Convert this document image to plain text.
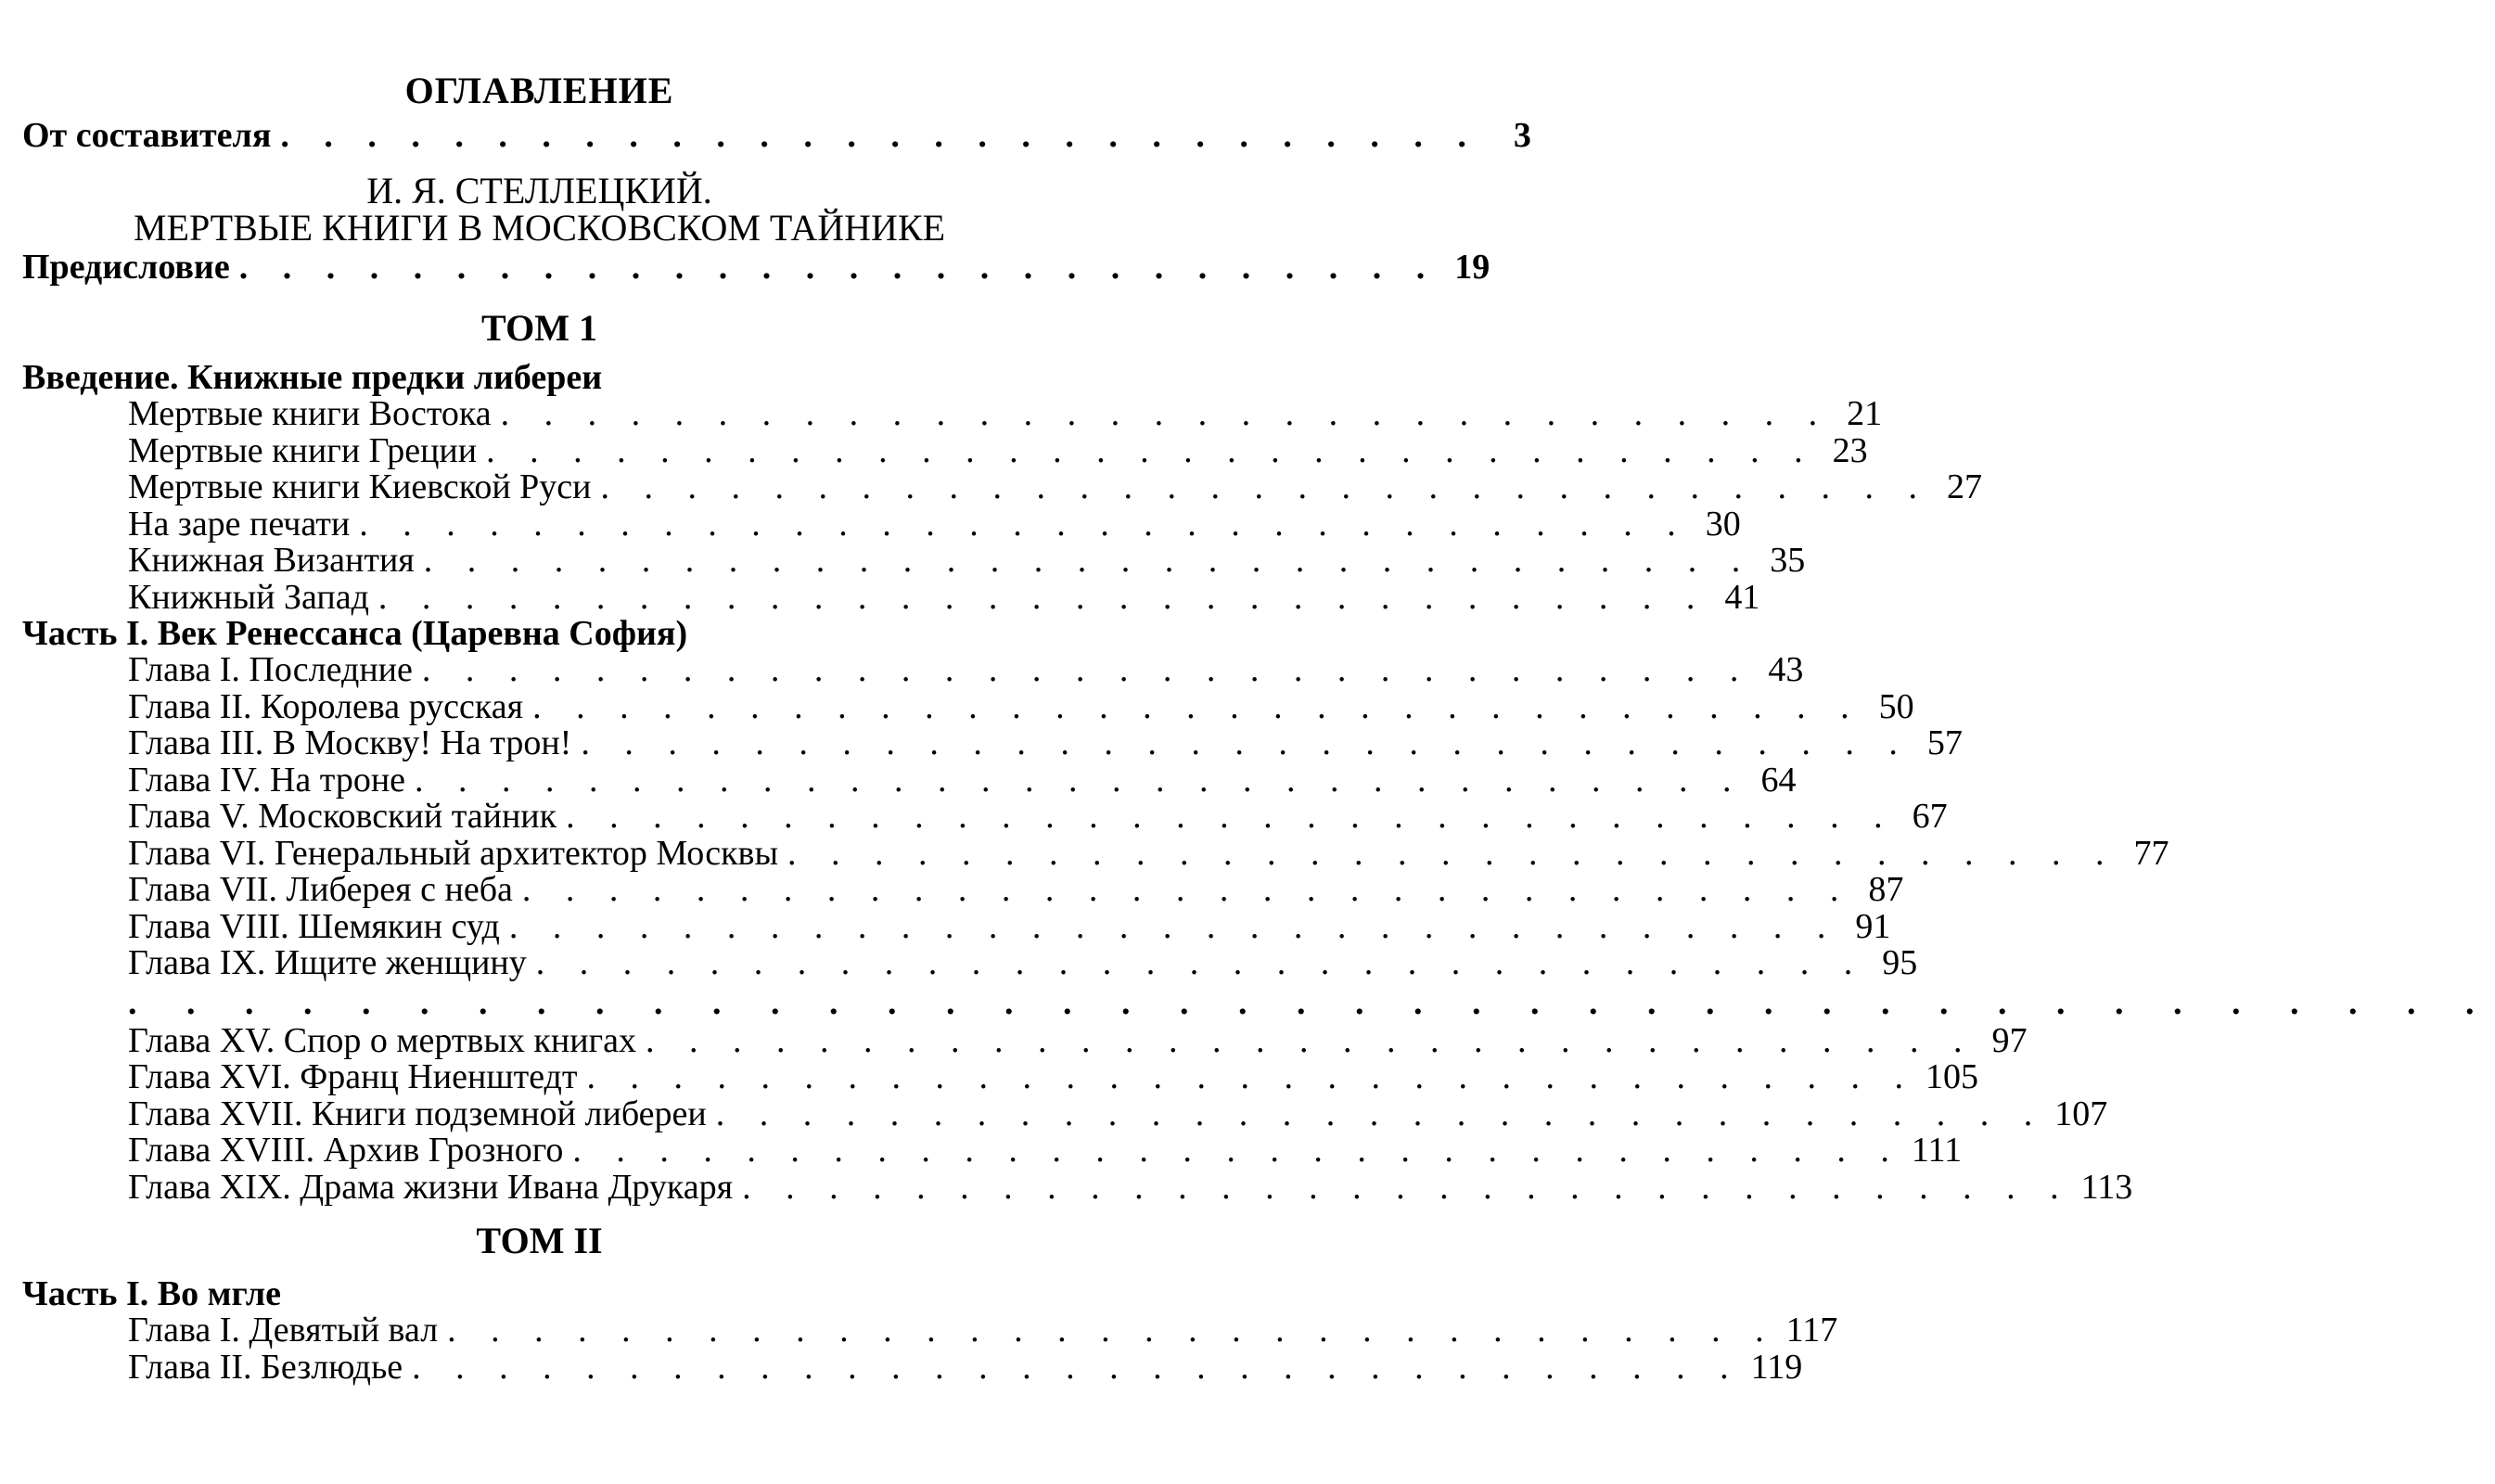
ОГЛАВЛЕНИЕ
От составителя . . . . . . . . . . . . . . . . . . . . . . . . . . . . 3
И. Я. СТЕЛЛЕЦКИЙ.
МЕРТВЫЕ КНИГИ В МОСКОВСКОМ ТАЙНИКЕ
Предисловие . . . . . . . . . . . . . . . . . . . . . . . . . . . . 19
ТОМ 1
Введение. Книжные предки либереи
Мертвые книги Востока . . . . . . . . . . . . . . . . . . . . . . . . . . . . . . . 21
Мертвые книги Греции . . . . . . . . . . . . . . . . . . . . . . . . . . . . . . . 23
Мертвые книги Киевской Руси . . . . . . . . . . . . . . . . . . . . . . . . . . . . . . . 27
На заре печати . . . . . . . . . . . . . . . . . . . . . . . . . . . . . . . 30
Книжная Византия . . . . . . . . . . . . . . . . . . . . . . . . . . . . . . . 35
Книжный Запад . . . . . . . . . . . . . . . . . . . . . . . . . . . . . . . 41
Часть I. Век Ренессанса (Царевна София)
Глава I. Последние . . . . . . . . . . . . . . . . . . . . . . . . . . . . . . . 43
Глава II. Королева русская . . . . . . . . . . . . . . . . . . . . . . . . . . . . . . . 50
Глава III. В Москву! На трон! . . . . . . . . . . . . . . . . . . . . . . . . . . . . . . . 57
Глава IV. На троне . . . . . . . . . . . . . . . . . . . . . . . . . . . . . . . 64
Глава V. Московский тайник . . . . . . . . . . . . . . . . . . . . . . . . . . . . . . . 67
Глава VI. Генеральный архитектор Москвы . . . . . . . . . . . . . . . . . . . . . . . . . . . . . . . 77
Глава VII. Либерея с неба . . . . . . . . . . . . . . . . . . . . . . . . . . . . . . . 87
Глава VIII. Шемякин суд . . . . . . . . . . . . . . . . . . . . . . . . . . . . . . . 91
Глава IX. Ищите женщину . . . . . . . . . . . . . . . . . . . . . . . . . . . . . . . 95
. . . . . . . . . . . . . . . . . . . . . . . . . . . . . . . . . . . . . . . . .
Глава XV. Спор о мертвых книгах . . . . . . . . . . . . . . . . . . . . . . . . . . . . . . . 97
Глава XVI. Франц Ниенштедт . . . . . . . . . . . . . . . . . . . . . . . . . . . . . . . 105
Глава XVII. Книги подземной либереи . . . . . . . . . . . . . . . . . . . . . . . . . . . . . . . 107
Глава XVIII. Архив Грозного . . . . . . . . . . . . . . . . . . . . . . . . . . . . . . . 111
Глава XIX. Драма жизни Ивана Друкаря . . . . . . . . . . . . . . . . . . . . . . . . . . . . . . . 113
ТОМ II
Часть I. Во мгле
Глава I. Девятый вал . . . . . . . . . . . . . . . . . . . . . . . . . . . . . . . 117
Глава II. Безлюдье . . . . . . . . . . . . . . . . . . . . . . . . . . . . . . . 119
